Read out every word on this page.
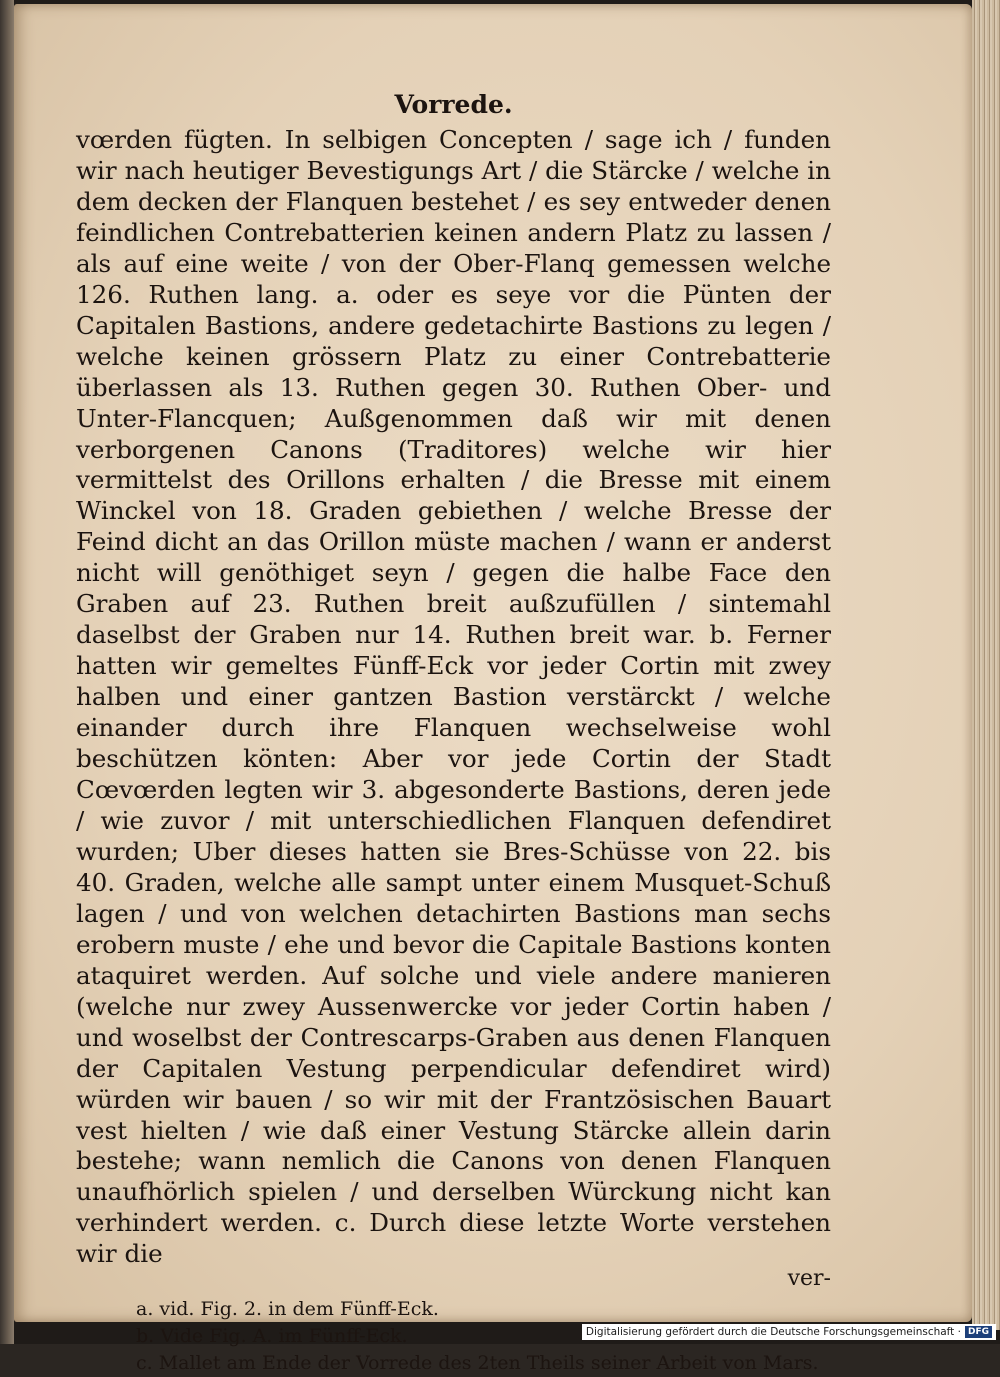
Vorrede.
vœrden fügten. In selbigen Concepten / sage ich / funden wir nach heutiger Bevestigungs Art / die Stärcke / welche in dem decken der Flanquen bestehet / es sey entweder denen feindlichen Contrebatterien keinen andern Platz zu lassen / als auf eine weite / von der Ober-Flanq gemessen welche 126. Ruthen lang. a. oder es seye vor die Pünten der Capitalen Bastions, andere gedetachirte Bastions zu legen / welche keinen grössern Platz zu einer Contrebatterie überlassen als 13. Ruthen gegen 30. Ruthen Ober- und Unter-Flancquen; Außgenommen daß wir mit denen verborgenen Canons (Traditores) welche wir hier vermittelst des Orillons erhalten / die Bresse mit einem Winckel von 18. Graden gebiethen / welche Bresse der Feind dicht an das Orillon müste machen / wann er anderst nicht will genöthiget seyn / gegen die halbe Face den Graben auf 23. Ruthen breit außzufüllen / sintemahl daselbst der Graben nur 14. Ruthen breit war. b. Ferner hatten wir gemeltes Fünff-Eck vor jeder Cortin mit zwey halben und einer gantzen Bastion verstärckt / welche einander durch ihre Flanquen wechselweise wohl beschützen könten: Aber vor jede Cortin der Stadt Cœvœrden legten wir 3. abgesonderte Bastions, deren jede / wie zuvor / mit unterschiedlichen Flanquen defendiret wurden; Uber dieses hatten sie Bres-Schüsse von 22. bis 40. Graden, welche alle sampt unter einem Musquet-Schuß lagen / und von welchen detachirten Bastions man sechs erobern muste / ehe und bevor die Capitale Bastions konten ataquiret werden. Auf solche und viele andere manieren (welche nur zwey Aussenwercke vor jeder Cortin haben / und woselbst der Contrescarps-Graben aus denen Flanquen der Capitalen Vestung perpendicular defendiret wird) würden wir bauen / so wir mit der Frantzösischen Bauart vest hielten / wie daß einer Vestung Stärcke allein darin bestehe; wann nemlich die Canons von denen Flanquen unaufhörlich spielen / und derselben Würckung nicht kan verhindert werden. c. Durch diese letzte Worte verstehen wir die
ver-
a. vid. Fig. 2. in dem Fünff-Eck.
b. Vide Fig. A. im Fünff-Eck.
c. Mallet am Ende der Vorrede des 2ten Theils seiner Arbeit von Mars.
Digitalisierung gefördert durch die Deutsche Forschungsgemeinschaft · DFG
